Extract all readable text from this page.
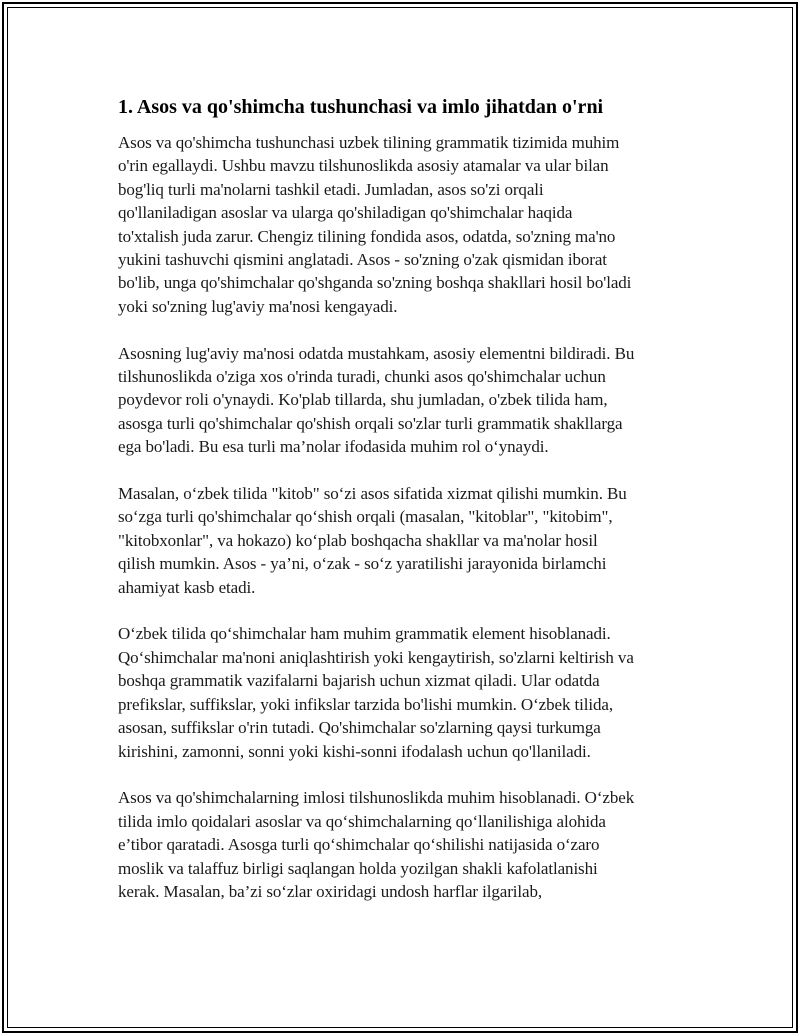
1. Asos va qo'shimcha tushunchasi va imlo jihatdan o'rni

Asos va qo'shimcha tushunchasi uzbek tilining grammatik tizimida muhim
o'rin egallaydi. Ushbu mavzu tilshunoslikda asosiy atamalar va ular bilan
bog'liq turli ma'nolarni tashkil etadi. Jumladan, asos so'zi orqali
qo'llaniladigan asoslar va ularga qo'shiladigan qo'shimchalar haqida
to'xtalish juda zarur. Chengiz tilining fondida asos, odatda, so'zning ma'no
yukini tashuvchi qismini anglatadi. Asos - so'zning o'zak qismidan iborat
bo'lib, unga qo'shimchalar qo'shganda so'zning boshqa shakllari hosil bo'ladi
yoki so'zning lug'aviy ma'nosi kengayadi.

Asosning lug'aviy ma'nosi odatda mustahkam, asosiy elementni bildiradi. Bu
tilshunoslikda o'ziga xos o'rinda turadi, chunki asos qo'shimchalar uchun
poydevor roli o'ynaydi. Ko'plab tillarda, shu jumladan, o'zbek tilida ham,
asosga turli qo'shimchalar qo'shish orqali so'zlar turli grammatik shakllarga
ega bo'ladi. Bu esa turli ma’nolar ifodasida muhim rol o‘ynaydi.

Masalan, o‘zbek tilida "kitob" so‘zi asos sifatida xizmat qilishi mumkin. Bu
so‘zga turli qo'shimchalar qo‘shish orqali (masalan, "kitoblar", "kitobim",
"kitobxonlar", va hokazo) ko‘plab boshqacha shakllar va ma'nolar hosil
qilish mumkin. Asos - ya’ni, o‘zak - so‘z yaratilishi jarayonida birlamchi
ahamiyat kasb etadi.

O‘zbek tilida qo‘shimchalar ham muhim grammatik element hisoblanadi.
Qo‘shimchalar ma'noni aniqlashtirish yoki kengaytirish, so'zlarni keltirish va
boshqa grammatik vazifalarni bajarish uchun xizmat qiladi. Ular odatda
prefikslar, suffikslar, yoki infikslar tarzida bo'lishi mumkin. O‘zbek tilida,
asosan, suffikslar o'rin tutadi. Qo'shimchalar so'zlarning qaysi turkumga
kirishini, zamonni, sonni yoki kishi-sonni ifodalash uchun qo'llaniladi.

Asos va qo'shimchalarning imlosi tilshunoslikda muhim hisoblanadi. O‘zbek
tilida imlo qoidalari asoslar va qo‘shimchalarning qo‘llanilishiga alohida
e’tibor qaratadi. Asosga turli qo‘shimchalar qo‘shilishi natijasida o‘zaro
moslik va talaffuz birligi saqlangan holda yozilgan shakli kafolatlanishi
kerak. Masalan, ba’zi so‘zlar oxiridagi undosh harflar ilgarilab,
